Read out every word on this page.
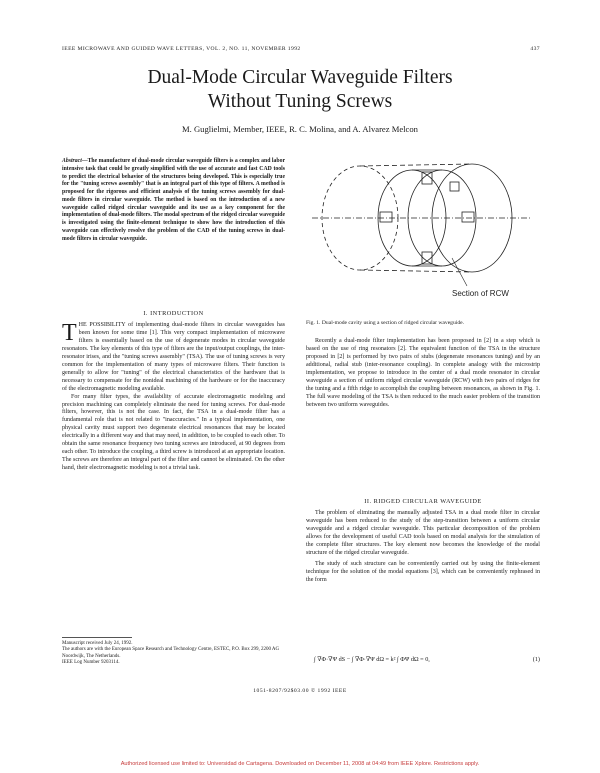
IEEE MICROWAVE AND GUIDED WAVE LETTERS, VOL. 2, NO. 11, NOVEMBER 1992	437
Dual-Mode Circular Waveguide Filters
Without Tuning Screws
M. Guglielmi, Member, IEEE, R. C. Molina, and A. Alvarez Melcon
Abstract—The manufacture of dual-mode circular waveguide filters is a complex and labor intensive task that could be greatly simplified with the use of accurate and fast CAD tools to predict the electrical behavior of the structures being developed. This is especially true for the "tuning screws assembly" that is an integral part of this type of filters. A method is proposed for the rigorous and efficient analysis of the tuning screws assembly for dual-mode filters in circular waveguide. The method is based on the introduction of a new waveguide called ridged circular waveguide and its use as a key component for the implementation of dual-mode filters. The modal spectrum of the ridged circular waveguide is investigated using the finite-element technique to show how the introduction of this waveguide can effectively resolve the problem of the CAD of the tuning screws in dual-mode filters in circular waveguide.
I. INTRODUCTION

THE POSSIBILITY of implementing dual-mode filters in circular waveguides has been known for some time [1]. This very compact implementation of microwave filters is essentially based on the use of degenerate modes in circular waveguide resonators. The key elements of this type of filters are the input/output couplings, the inter-resonator irises, and the "tuning screws assembly" (TSA). The use of tuning screws is very common for the implementation of many types of microwave filters. Their function is generally to allow for "tuning" of the electrical characteristics of the hardware that is necessary to compensate for the nonideal machining of the hardware or for the inaccuracy of the electromagnetic modeling available.

For many filter types, the availability of accurate electromagnetic modeling and precision machining can completely eliminate the need for tuning screws. For dual-mode filters, however, this is not the case. In fact, the TSA in a dual-mode filter has a fundamental role that is not related to "inaccuracies." In a typical implementation, one physical cavity must support two degenerate electrical resonances that may be located electrically in a different way and that may need, in addition, to be coupled to each other. To obtain the same resonance frequency two tuning screws are introduced, at 90 degrees from each other. To introduce the coupling, a third screw is introduced at an appropriate location. The screws are therefore an integral part of the filter and cannot be eliminated. On the other hand, their electromagnetic modeling is not a trivial task.

Manuscript received July 24, 1992.
The authors are with the European Space Research and Technology Centre, ESTEC, P.O. Box 299, 2200 AG Noordwijk, The Netherlands.
IEEE Log Number 9203114.
Section of RCW
Fig. 1. Dual-mode cavity using a section of ridged circular waveguide.

Recently a dual-mode filter implementation has been proposed in [2] in a step which is based on the use of ring resonators [2]. The equivalent function of the TSA in the structure proposed in [2] is performed by two pairs of stubs (degenerate resonances tuning) and by an additional, radial stub (inter-resonance coupling). In complete analogy with the microstrip implementation, we propose to introduce in the center of a dual mode resonator in circular waveguide a section of uniform ridged circular waveguide (RCW) with two pairs of ridges for the tuning and a fifth ridge to accomplish the coupling between resonances, as shown in Fig. 1. The full wave modeling of the TSA is then reduced to the much easier problem of the transition between two uniform waveguides.

II. RIDGED CIRCULAR WAVEGUIDE

The problem of eliminating the manually adjusted TSA in a dual mode filter in circular waveguide has been reduced to the study of the step-transition between a uniform circular waveguide and a ridged circular waveguide. This particular decomposition of the problem allows for the development of useful CAD tools based on modal analysis for the simulation of the complete filter structures. The key element now becomes the knowledge of the modal structure of the ridged circular waveguide.

The study of such structure can be conveniently carried out by using the finite-element technique for the solution of the modal equations [3], which can be conveniently rephrased in the form

∫ ∇Φ·∇Ψ dS − ∫ ∇Φ·∇Ψ dΩ = k² ∫ ΦΨ dΩ = 0,	(1)
1051-8207/92$03.00 © 1992 IEEE
Authorized licensed use limited to: Universidad de Cartagena. Downloaded on December 11, 2008 at 04:49 from IEEE Xplore. Restrictions apply.
